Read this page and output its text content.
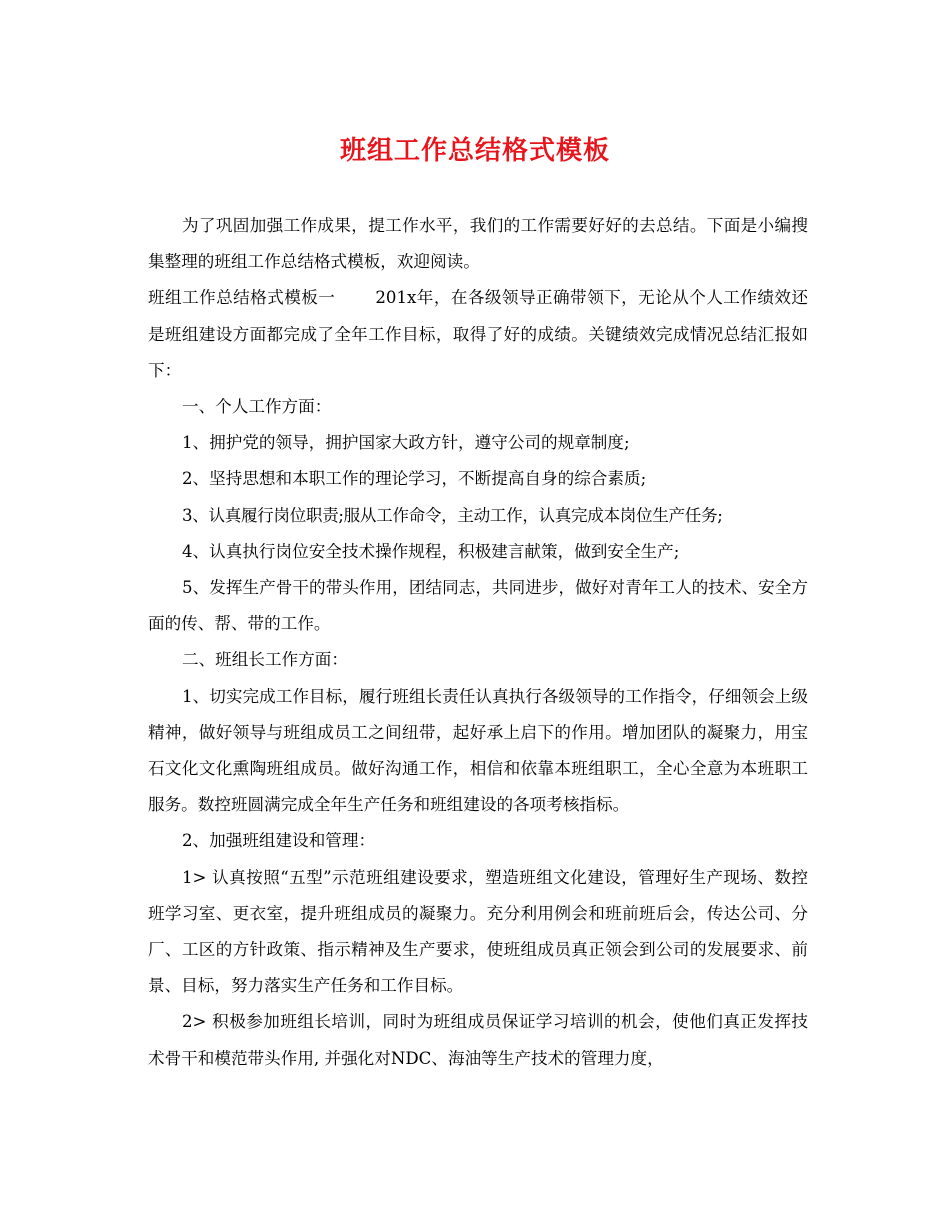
班组工作总结格式模板

为了巩固加强工作成果，提工作水平，我们的工作需要好好的去总结。下面是小编搜集整理的班组工作总结格式模板，欢迎阅读。

班组工作总结格式模板一 201x年，在各级领导正确带领下，无论从个人工作绩效还是班组建设方面都完成了全年工作目标，取得了好的成绩。关键绩效完成情况总结汇报如下：

一、个人工作方面：

1、拥护党的领导，拥护国家大政方针，遵守公司的规章制度;

2、坚持思想和本职工作的理论学习，不断提高自身的综合素质;

3、认真履行岗位职责;服从工作命令，主动工作，认真完成本岗位生产任务;

4、认真执行岗位安全技术操作规程，积极建言献策，做到安全生产;

5、发挥生产骨干的带头作用，团结同志，共同进步，做好对青年工人的技术、安全方面的传、帮、带的工作。

二、班组长工作方面：

1、切实完成工作目标，履行班组长责任认真执行各级领导的工作指令，仔细领会上级精神，做好领导与班组成员工之间纽带，起好承上启下的作用。增加团队的凝聚力，用宝石文化文化熏陶班组成员。做好沟通工作，相信和依靠本班组职工，全心全意为本班职工服务。数控班圆满完成全年生产任务和班组建设的各项考核指标。

2、加强班组建设和管理：

1> 认真按照“五型”示范班组建设要求，塑造班组文化建设，管理好生产现场、数控班学习室、更衣室，提升班组成员的凝聚力。充分利用例会和班前班后会，传达公司、分厂、工区的方针政策、指示精神及生产要求，使班组成员真正领会到公司的发展要求、前景、目标，努力落实生产任务和工作目标。

2> 积极参加班组长培训，同时为班组成员保证学习培训的机会，使他们真正发挥技术骨干和模范带头作用, 并强化对NDC、海油等生产技术的管理力度，
